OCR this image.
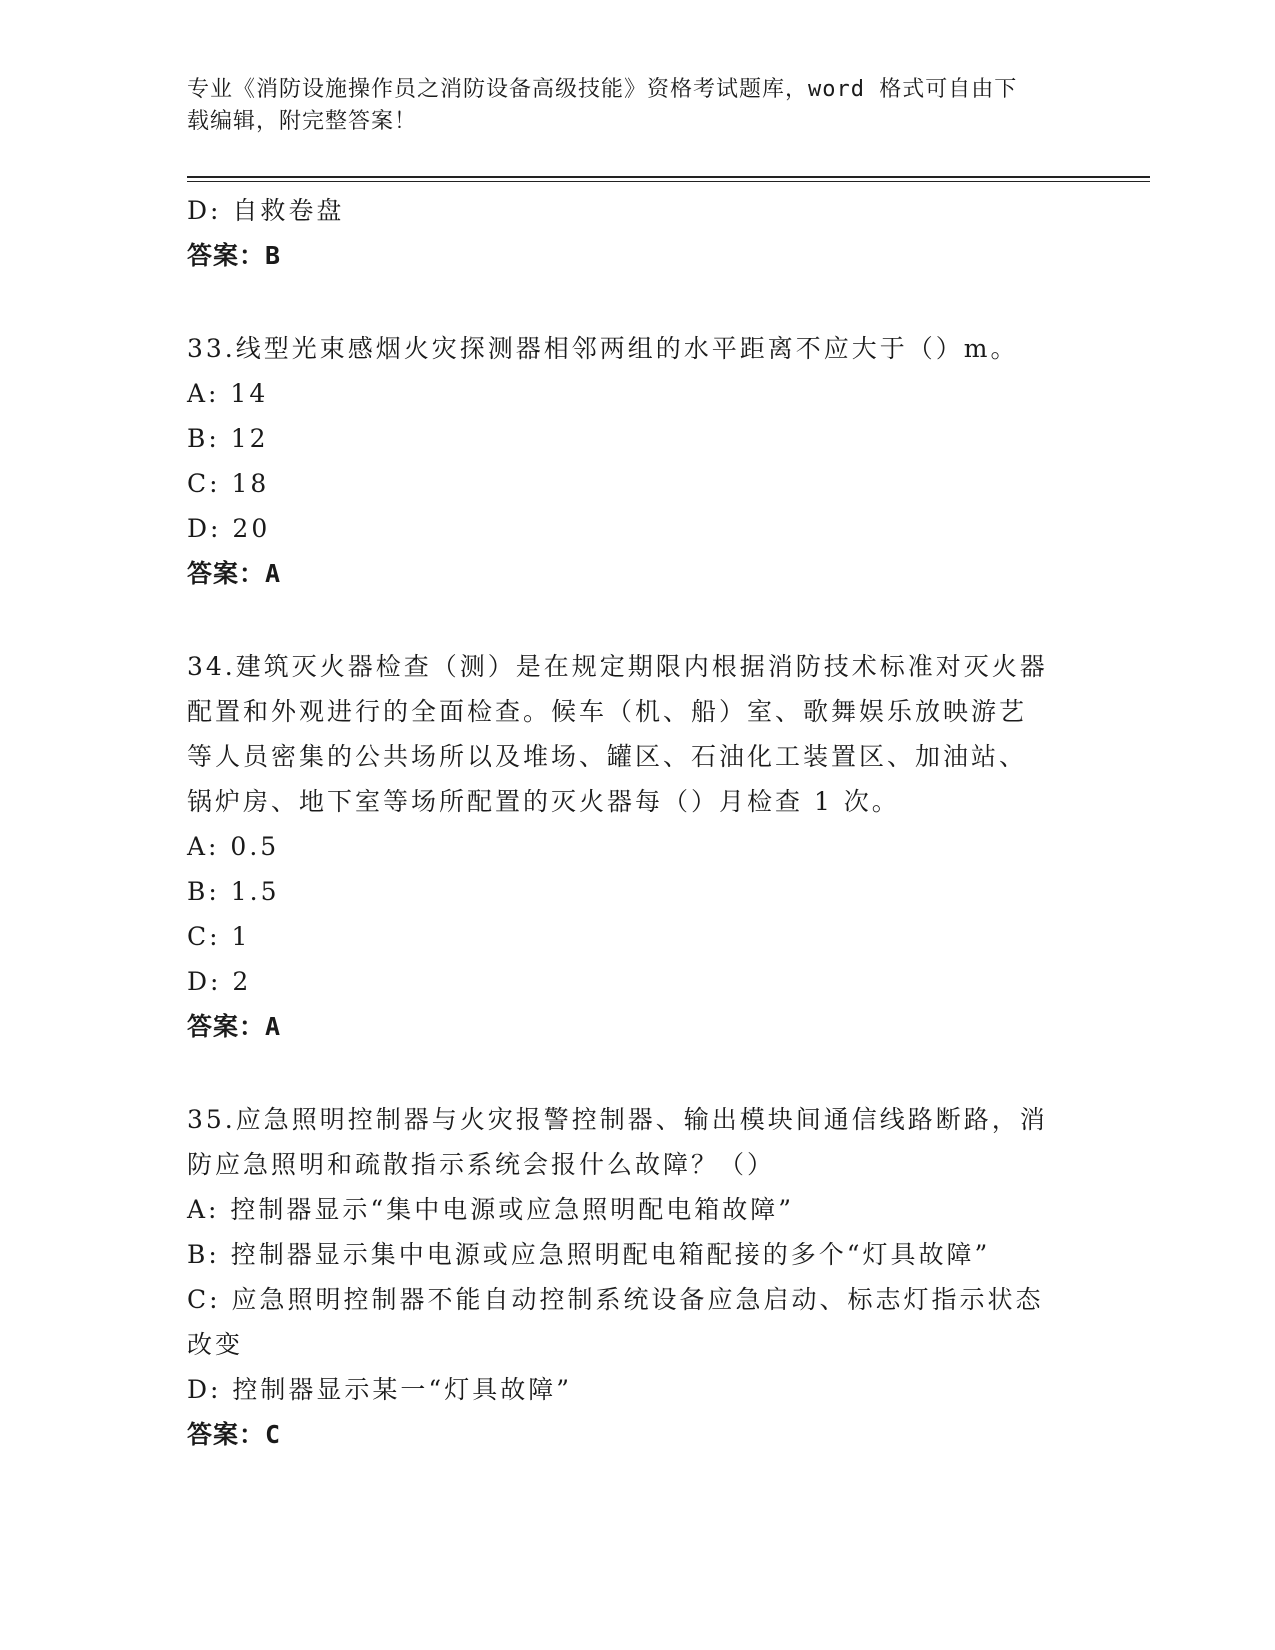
专业《消防设施操作员之消防设备高级技能》资格考试题库，word 格式可自由下
载编辑，附完整答案！
D: 自救卷盘
答案：B
33.线型光束感烟火灾探测器相邻两组的水平距离不应大于（）m。
A: 14
B: 12
C: 18
D: 20
答案：A
34.建筑灭火器检查（测）是在规定期限内根据消防技术标准对灭火器
配置和外观进行的全面检查。候车（机、船）室、歌舞娱乐放映游艺
等人员密集的公共场所以及堆场、罐区、石油化工装置区、加油站、
锅炉房、地下室等场所配置的灭火器每（）月检查 1 次。
A: 0.5
B: 1.5
C: 1
D: 2
答案：A
35.应急照明控制器与火灾报警控制器、输出模块间通信线路断路，消
防应急照明和疏散指示系统会报什么故障？（）
A: 控制器显示“集中电源或应急照明配电箱故障”
B: 控制器显示集中电源或应急照明配电箱配接的多个“灯具故障”
C: 应急照明控制器不能自动控制系统设备应急启动、标志灯指示状态
改变
D: 控制器显示某一“灯具故障”
答案：C
